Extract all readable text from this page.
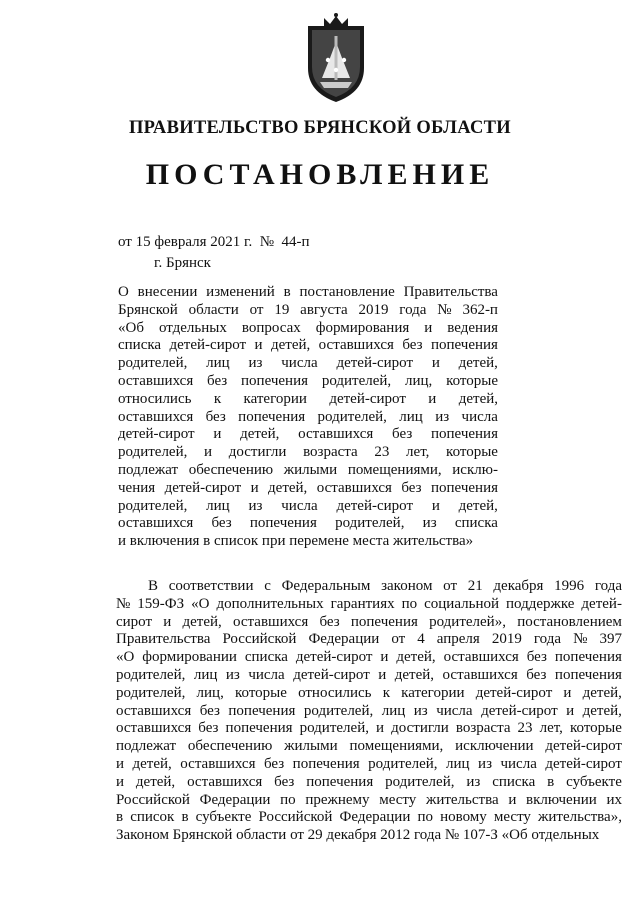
ПРАВИТЕЛЬСТВО БРЯНСКОЙ ОБЛАСТИ
ПОСТАНОВЛЕНИЕ
от 15 февраля 2021 г.  №  44-п
г. Брянск
О внесении изменений в постановление Правительства
Брянской области от 19 августа 2019 года № 362-п
«Об отдельных вопросах формирования и ведения
списка детей-сирот и детей, оставшихся без попечения
родителей, лиц из числа детей-сирот и детей,
оставшихся без попечения родителей, лиц, которые
относились к категории детей-сирот и детей,
оставшихся без попечения родителей, лиц из числа
детей-сирот и детей, оставшихся без попечения
родителей, и достигли возраста 23 лет, которые
подлежат обеспечению жилыми помещениями, исклю-
чения детей-сирот и детей, оставшихся без попечения
родителей, лиц из числа детей-сирот и детей,
оставшихся без попечения родителей, из списка
и включения в список при перемене места жительства»
В соответствии с Федеральным законом от 21 декабря 1996 года
№ 159-ФЗ «О дополнительных гарантиях по социальной поддержке детей-
сирот и детей, оставшихся без попечения родителей», постановлением
Правительства Российской Федерации от 4 апреля 2019 года № 397
«О формировании списка детей-сирот и детей, оставшихся без попечения
родителей, лиц из числа детей-сирот и детей, оставшихся без попечения
родителей, лиц, которые относились к категории детей-сирот и детей,
оставшихся без попечения родителей, лиц из числа детей-сирот и детей,
оставшихся без попечения родителей, и достигли возраста 23 лет, которые
подлежат обеспечению жилыми помещениями, исключении детей-сирот
и детей, оставшихся без попечения родителей, лиц из числа детей-сирот
и детей, оставшихся без попечения родителей, из списка в субъекте
Российской Федерации по прежнему месту жительства и включении их
в список в субъекте Российской Федерации по новому месту жительства»,
Законом Брянской области от 29 декабря 2012 года № 107-З «Об отдельных
